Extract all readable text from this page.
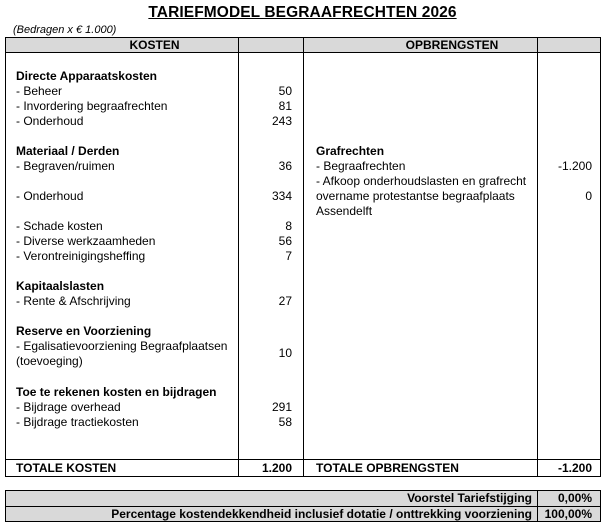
TARIEFMODEL BEGRAAFRECHTEN 2026
(Bedragen x € 1.000)
KOSTEN	OPBRENGSTEN
Directe Apparaatskosten
- Beheer	50
- Invordering begraafrechten	81
- Onderhoud	243
Materiaal / Derden
- Begraven/ruimen	36
- Onderhoud	334
- Schade kosten	8
- Diverse werkzaamheden	56
- Verontreinigingsheffing	7
Kapitaalslasten
- Rente & Afschrijving	27
Reserve en Voorziening
- Egalisatievoorziening Begraafplaatsen
(toevoeging)
10
Toe te rekenen kosten en bijdragen
- Bijdrage overhead	291
- Bijdrage tractiekosten	58
TOTALE KOSTEN	1.200
Grafrechten
- Begraafrechten	-1.200
- Afkoop onderhoudslasten en grafrecht
overname protestantse begraafplaats
Assendelft
0
TOTALE OPBRENGSTEN	-1.200
Voorstel Tariefstijging 0,00%
Percentage kostendekkendheid inclusief dotatie / onttrekking voorziening 100,00%
